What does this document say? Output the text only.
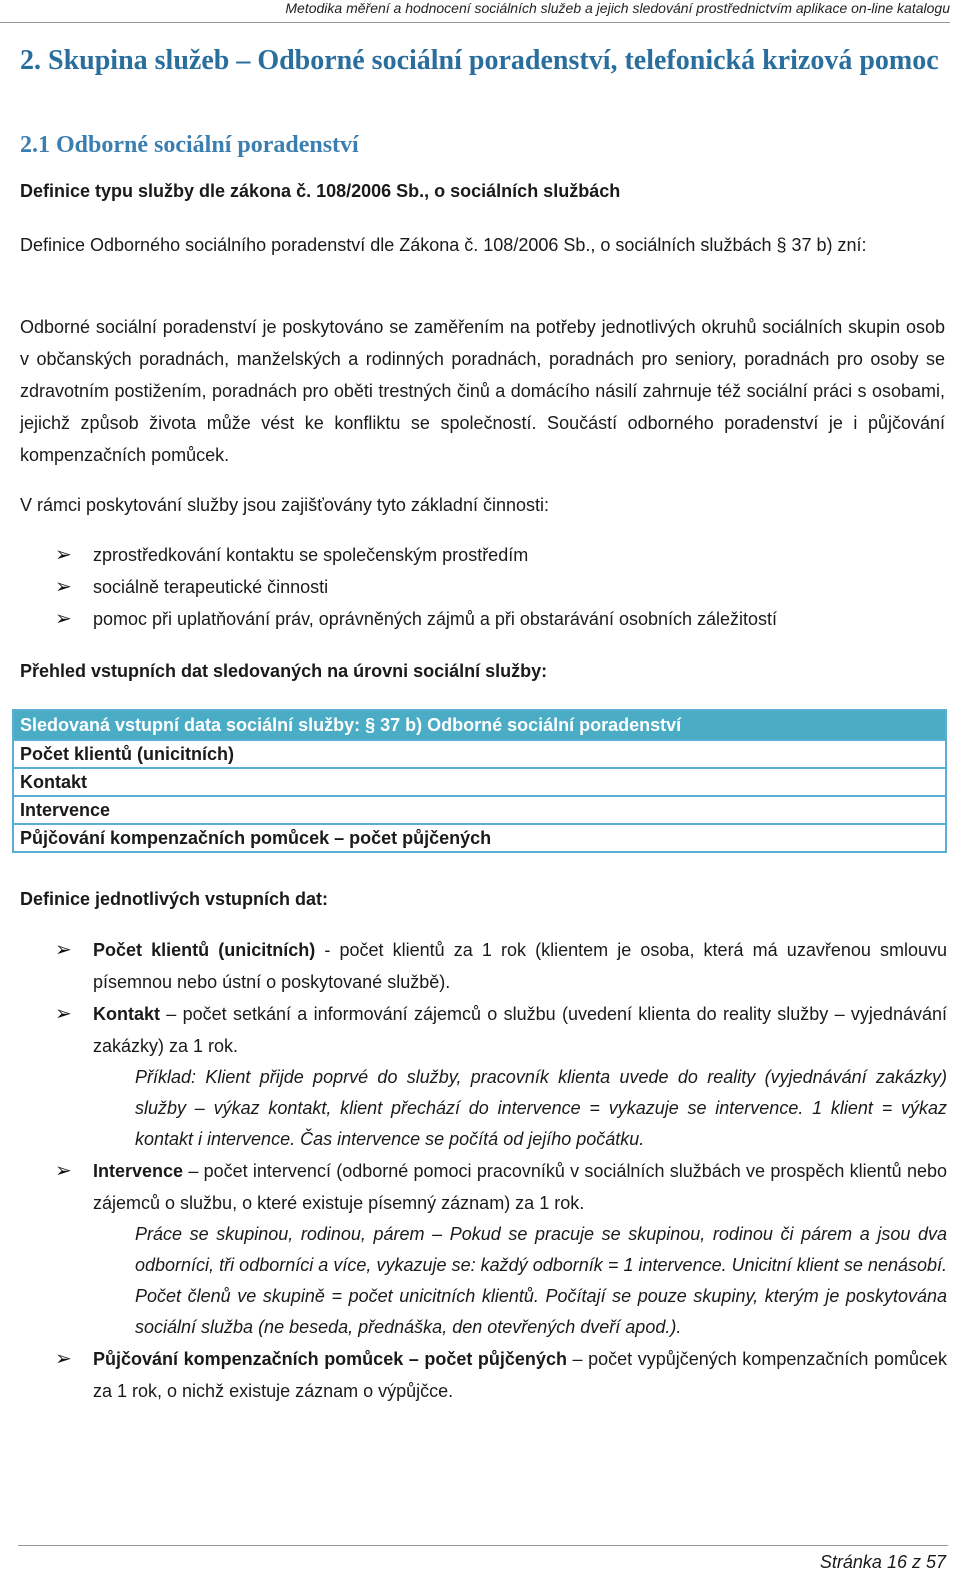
Metodika měření a hodnocení sociálních služeb a jejich sledování prostřednictvím aplikace on-line katalogu
2. Skupina služeb – Odborné sociální poradenství, telefonická krizová pomoc
2.1 Odborné sociální poradenství

Definice typu služby dle zákona č. 108/2006 Sb., o sociálních službách

Definice Odborného sociálního poradenství dle Zákona č. 108/2006 Sb., o sociálních službách § 37 b) zní:

Odborné sociální poradenství je poskytováno se zaměřením na potřeby jednotlivých okruhů sociálních skupin osob v občanských poradnách, manželských a rodinných poradnách, poradnách pro seniory, poradnách pro osoby se zdravotním postižením, poradnách pro oběti trestných činů a domácího násilí zahrnuje též sociální práci s osobami, jejichž způsob života může vést ke konfliktu se společností. Součástí odborného poradenství je i půjčování kompenzačních pomůcek.

V rámci poskytování služby jsou zajišťovány tyto základní činnosti:

➢ zprostředkování kontaktu se společenským prostředím
➢ sociálně terapeutické činnosti
➢ pomoc při uplatňování práv, oprávněných zájmů a při obstarávání osobních záležitostí

Přehled vstupních dat sledovaných na úrovni sociální služby:

Sledovaná vstupní data sociální služby: § 37 b) Odborné sociální poradenství
Počet klientů (unicitních)
Kontakt
Intervence
Půjčování kompenzačních pomůcek – počet půjčených

Definice jednotlivých vstupních dat:

➢ Počet klientů (unicitních) - počet klientů za 1 rok (klientem je osoba, která má uzavřenou smlouvu písemnou nebo ústní o poskytované službě).
➢ Kontakt – počet setkání a informování zájemců o službu (uvedení klienta do reality služby – vyjednávání zakázky) za 1 rok.
Příklad: Klient přijde poprvé do služby, pracovník klienta uvede do reality (vyjednávání zakázky) služby – výkaz kontakt, klient přechází do intervence = vykazuje se intervence. 1 klient = výkaz kontakt i intervence. Čas intervence se počítá od jejího počátku.
➢ Intervence – počet intervencí (odborné pomoci pracovníků v sociálních službách ve prospěch klientů nebo zájemců o službu, o které existuje písemný záznam) za 1 rok.
Práce se skupinou, rodinou, párem – Pokud se pracuje se skupinou, rodinou či párem a jsou dva odborníci, tři odborníci a více, vykazuje se: každý odborník = 1 intervence. Unicitní klient se nenásobí. Počet členů ve skupině = počet unicitních klientů. Počítají se pouze skupiny, kterým je poskytována sociální služba (ne beseda, přednáška, den otevřených dveří apod.).
➢ Půjčování kompenzačních pomůcek – počet půjčených – počet vypůjčených kompenzačních pomůcek za 1 rok, o nichž existuje záznam o výpůjčce.
Stránka 16 z 57
